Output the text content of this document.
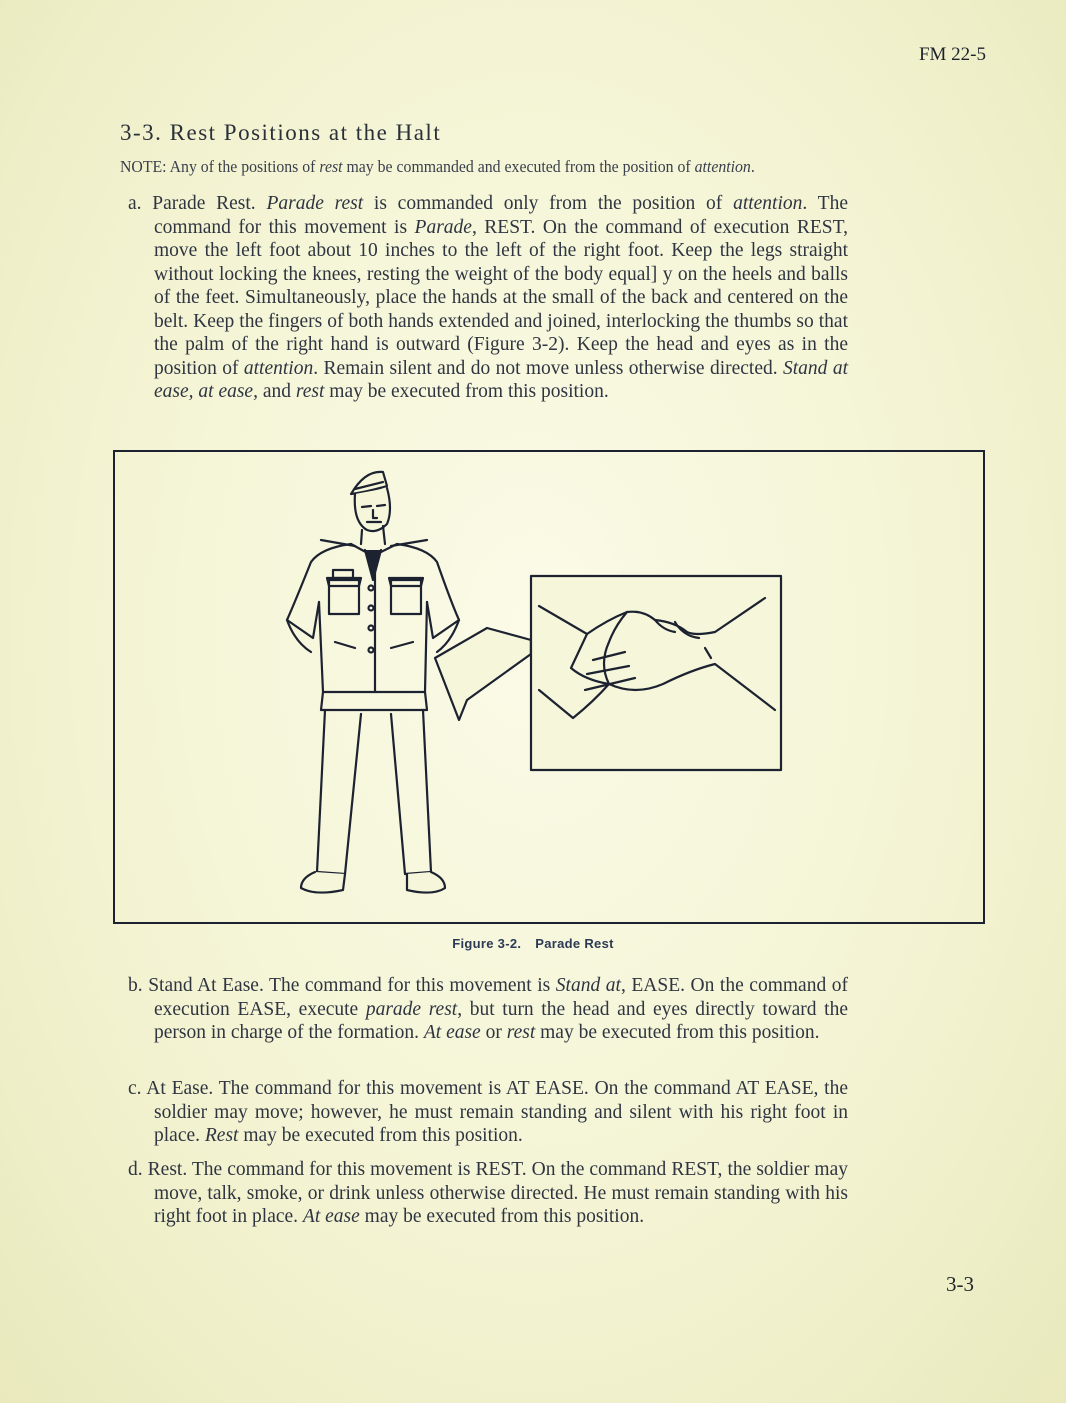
FM 22-5
3-3. Rest Positions at the Halt
NOTE: Any of the positions of rest may be commanded and executed from the position of attention.

a. Parade Rest. Parade rest is commanded only from the position of attention. The command for this movement is Parade, REST. On the command of execution REST, move the left foot about 10 inches to the left of the right foot. Keep the legs straight without locking the knees, resting the weight of the body equal] y on the heels and balls of the feet. Simultaneously, place the hands at the small of the back and centered on the belt. Keep the fingers of both hands extended and joined, interlocking the thumbs so that the palm of the right hand is outward (Figure 3-2). Keep the head and eyes as in the position of attention. Remain silent and do not move unless otherwise directed. Stand at ease, at ease, and rest may be executed from this position.

Figure 3-2. Parade Rest

b. Stand At Ease. The command for this movement is Stand at, EASE. On the command of execution EASE, execute parade rest, but turn the head and eyes directly toward the person in charge of the formation. At ease or rest may be executed from this position.

c. At Ease. The command for this movement is AT EASE. On the command AT EASE, the soldier may move; however, he must remain standing and silent with his right foot in place. Rest may be executed from this position.

d. Rest. The command for this movement is REST. On the command REST, the soldier may move, talk, smoke, or drink unless otherwise directed. He must remain standing with his right foot in place. At ease may be executed from this position.

3-3
